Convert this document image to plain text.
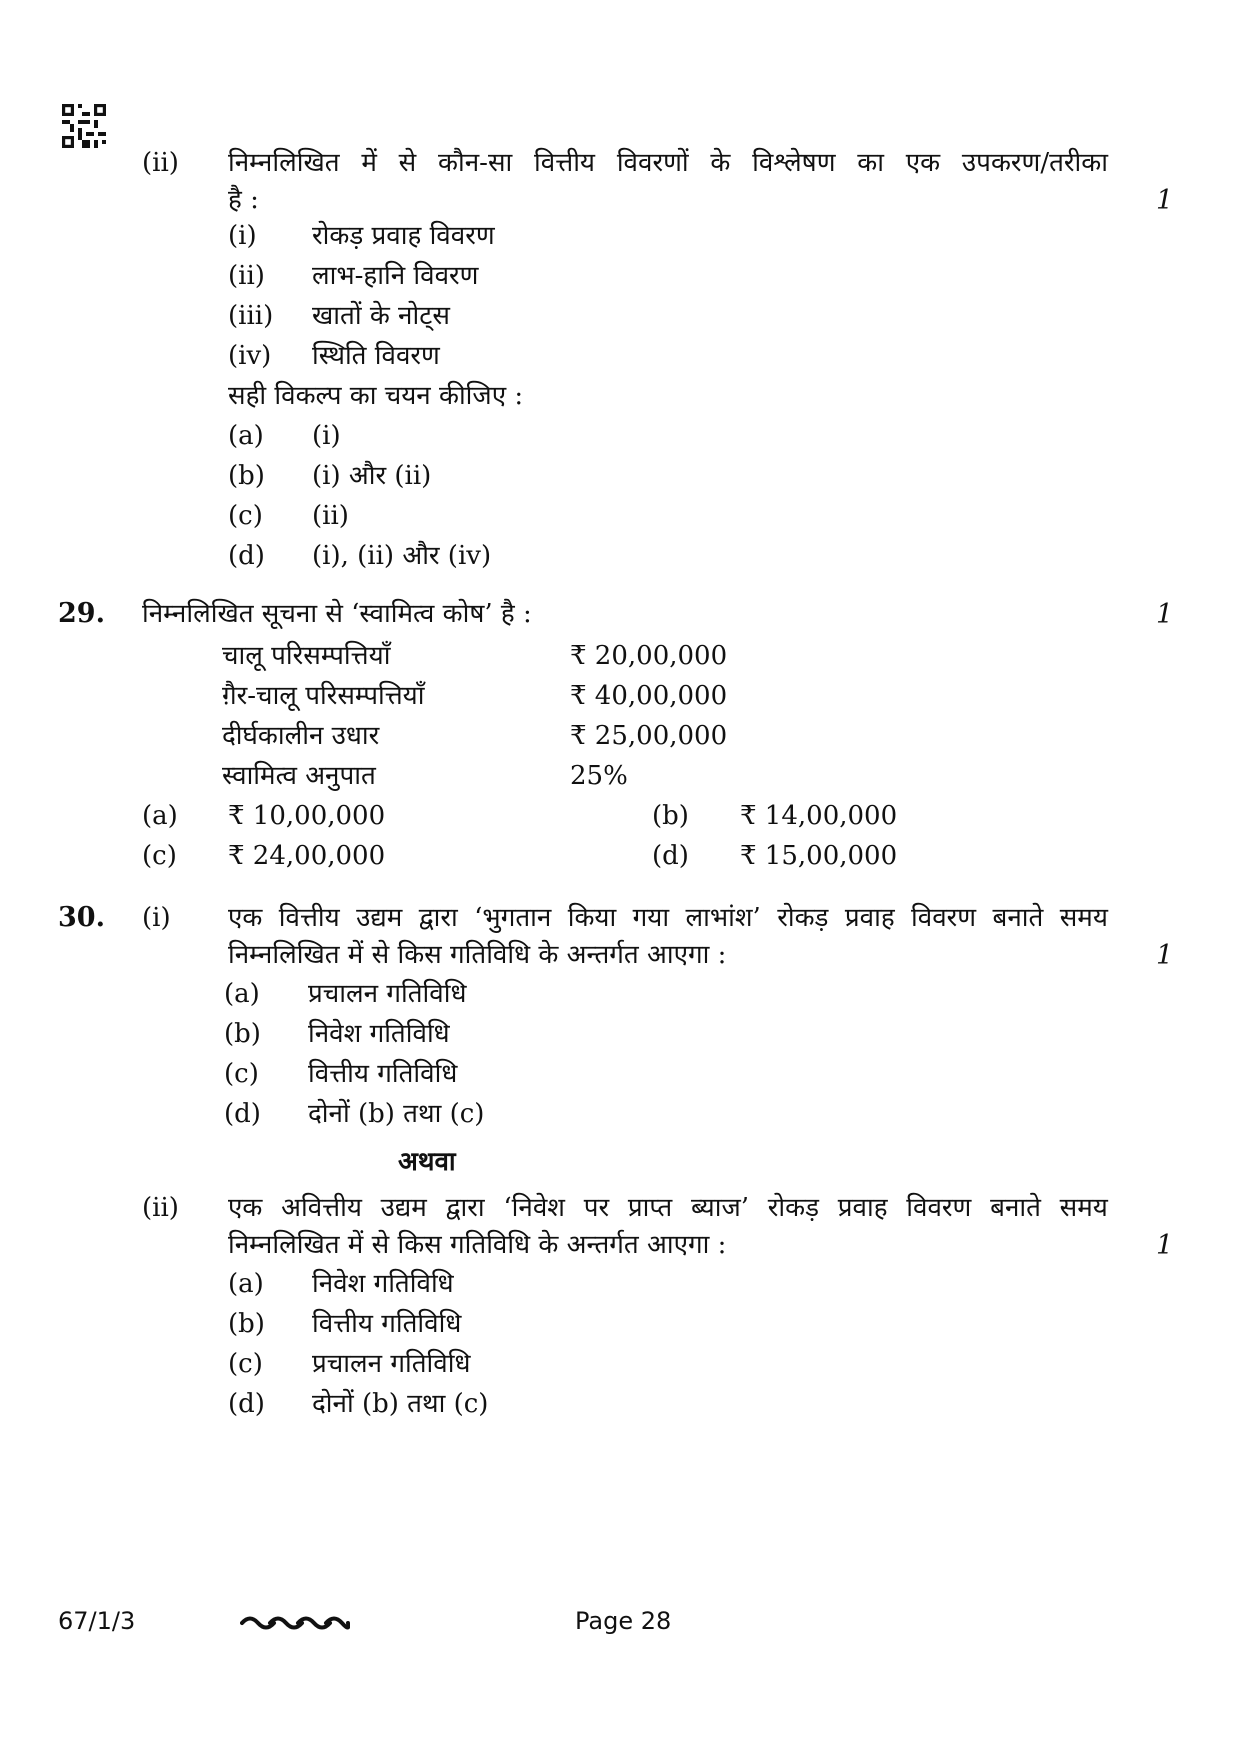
(ii) निम्नलिखित में से कौन-सा वित्तीय विवरणों के विश्लेषण का एक उपकरण/तरीका
है :	1
(i) रोकड़ प्रवाह विवरण
(ii) लाभ-हानि विवरण
(iii) खातों के नोट्स
(iv) स्थिति विवरण
सही विकल्प का चयन कीजिए :
(a) (i)
(b) (i) और (ii)
(c) (ii)
(d) (i), (ii) और (iv)
29. निम्नलिखित सूचना से ‘स्वामित्व कोष’ है :	1
चालू परिसम्पत्तियाँ	₹ 20,00,000
ग़ैर-चालू परिसम्पत्तियाँ	₹ 40,00,000
दीर्घकालीन उधार	₹ 25,00,000
स्वामित्व अनुपात	25%
(a) ₹ 10,00,000	(b) ₹ 14,00,000
(c) ₹ 24,00,000	(d) ₹ 15,00,000
30. (i) एक वित्तीय उद्यम द्वारा ‘भुगतान किया गया लाभांश’ रोकड़ प्रवाह विवरण बनाते समय
निम्नलिखित में से किस गतिविधि के अन्तर्गत आएगा :	1
(a) प्रचालन गतिविधि
(b) निवेश गतिविधि
(c) वित्तीय गतिविधि
(d) दोनों (b) तथा (c)
अथवा
(ii) एक अवित्तीय उद्यम द्वारा ‘निवेश पर प्राप्त ब्याज’ रोकड़ प्रवाह विवरण बनाते समय
निम्नलिखित में से किस गतिविधि के अन्तर्गत आएगा :	1
(a) निवेश गतिविधि
(b) वित्तीय गतिविधि
(c) प्रचालन गतिविधि
(d) दोनों (b) तथा (c)
67/1/3	Page 28
